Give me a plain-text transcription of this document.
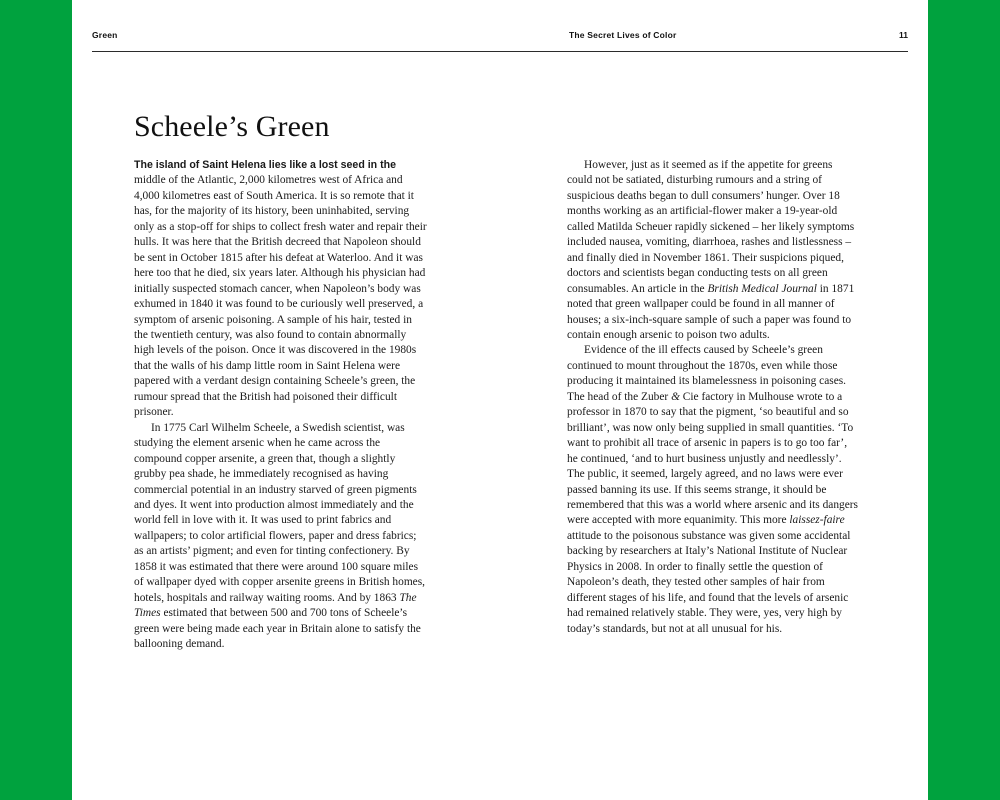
Green	The Secret Lives of Color	11
Scheele’s Green

The island of Saint Helena lies like a lost seed in the middle of the Atlantic, 2,000 kilometres west of Africa and 4,000 kilometres east of South America. It is so remote that it has, for the majority of its history, been uninhabited, serving only as a stop-off for ships to collect fresh water and repair their hulls. It was here that the British decreed that Napoleon should be sent in October 1815 after his defeat at Waterloo. And it was here too that he died, six years later. Although his physician had initially suspected stomach cancer, when Napoleon’s body was exhumed in 1840 it was found to be curiously well preserved, a symptom of arsenic poisoning. A sample of his hair, tested in the twentieth century, was also found to contain abnormally high levels of the poison. Once it was discovered in the 1980s that the walls of his damp little room in Saint Helena were papered with a verdant design containing Scheele’s green, the rumour spread that the British had poisoned their difficult prisoner.

In 1775 Carl Wilhelm Scheele, a Swedish scientist, was studying the element arsenic when he came across the compound copper arsenite, a green that, though a slightly grubby pea shade, he immediately recognised as having commercial potential in an industry starved of green pigments and dyes. It went into production almost immediately and the world fell in love with it. It was used to print fabrics and wallpapers; to color artificial flowers, paper and dress fabrics; as an artists’ pigment; and even for tinting confectionery. By 1858 it was estimated that there were around 100 square miles of wallpaper dyed with copper arsenite greens in British homes, hotels, hospitals and railway waiting rooms. And by 1863 The Times estimated that between 500 and 700 tons of Scheele’s green were being made each year in Britain alone to satisfy the ballooning demand.

However, just as it seemed as if the appetite for greens could not be satiated, disturbing rumours and a string of suspicious deaths began to dull consumers’ hunger. Over 18 months working as an artificial-flower maker a 19-year-old called Matilda Scheuer rapidly sickened – her likely symptoms included nausea, vomiting, diarrhoea, rashes and listlessness – and finally died in November 1861. Their suspicions piqued, doctors and scientists began conducting tests on all green consumables. An article in the British Medical Journal in 1871 noted that green wallpaper could be found in all manner of houses; a six-inch-square sample of such a paper was found to contain enough arsenic to poison two adults.

Evidence of the ill effects caused by Scheele’s green continued to mount throughout the 1870s, even while those producing it maintained its blamelessness in poisoning cases. The head of the Zuber & Cie factory in Mulhouse wrote to a professor in 1870 to say that the pigment, ‘so beautiful and so brilliant’, was now only being supplied in small quantities. ‘To want to prohibit all trace of arsenic in papers is to go too far’, he continued, ‘and to hurt business unjustly and needlessly’. The public, it seemed, largely agreed, and no laws were ever passed banning its use. If this seems strange, it should be remembered that this was a world where arsenic and its dangers were accepted with more equanimity. This more laissez-faire attitude to the poisonous substance was given some accidental backing by researchers at Italy’s National Institute of Nuclear Physics in 2008. In order to finally settle the question of Napoleon’s death, they tested other samples of hair from different stages of his life, and found that the levels of arsenic had remained relatively stable. They were, yes, very high by today’s standards, but not at all unusual for his.
